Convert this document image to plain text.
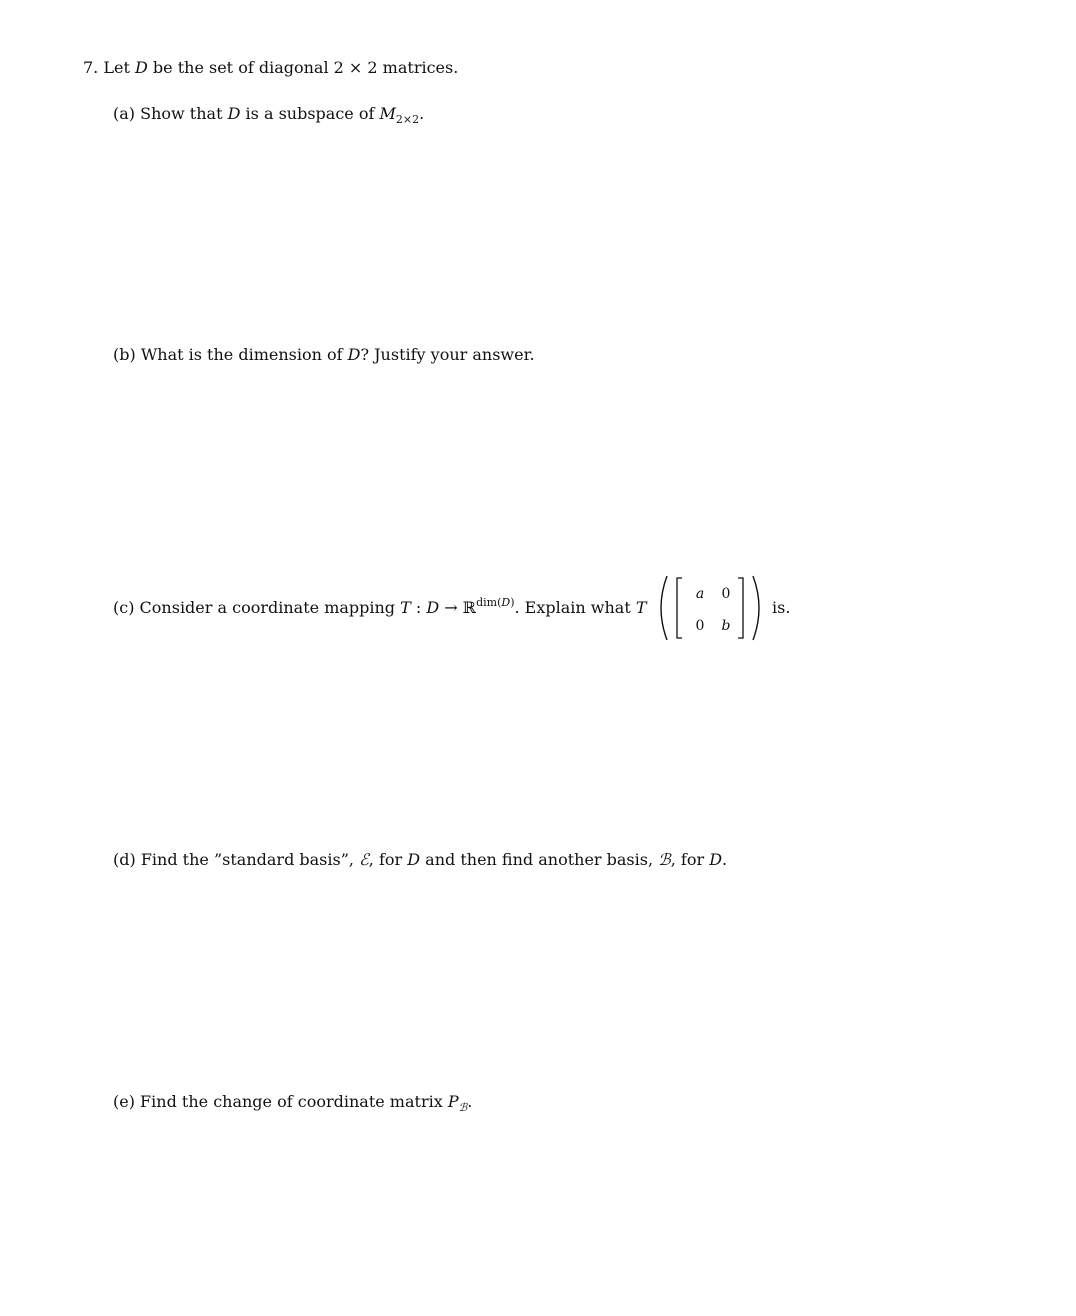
7. Let D be the set of diagonal 2 × 2 matrices.
(a) Show that D is a subspace of $M_{2\times 2}$.
(b) What is the dimension of D? Justify your answer.
(c) Consider a coordinate mapping T : D → ℝ$^{dim(D)}$. Explain what T
a 0
0 b
is.
(d) Find the ”standard basis”, ℰ, for D and then find another basis, ℬ, for D.
(e) Find the change of coordinate matrix $P_ℬ$.
